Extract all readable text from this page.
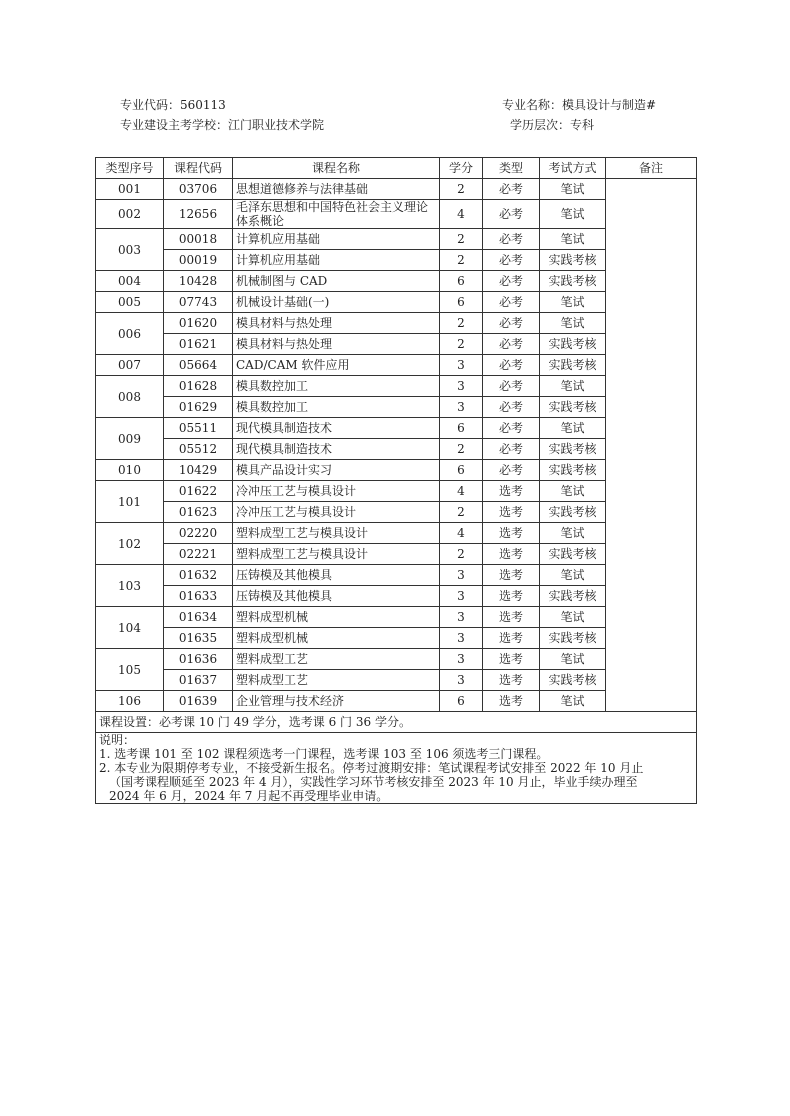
专业代码：560113	专业名称：模具设计与制造#
专业建设主考学校：江门职业技术学院	学历层次：专科
类型序号	课程代码	课程名称	学分	类型	考试方式	备注
001	03706	思想道德修养与法律基础	2	必考	笔试	
002	12656	毛泽东思想和中国特色社会主义理论体系概论	4	必考	笔试	
003	00018	计算机应用基础	2	必考	笔试	
	00019	计算机应用基础	2	必考	实践考核	
004	10428	机械制图与 CAD	6	必考	实践考核	
005	07743	机械设计基础(一)	6	必考	笔试	
006	01620	模具材料与热处理	2	必考	笔试	
	01621	模具材料与热处理	2	必考	实践考核	
007	05664	CAD/CAM 软件应用	3	必考	实践考核	
008	01628	模具数控加工	3	必考	笔试	
	01629	模具数控加工	3	必考	实践考核	
009	05511	现代模具制造技术	6	必考	笔试	
	05512	现代模具制造技术	2	必考	实践考核	
010	10429	模具产品设计实习	6	必考	实践考核	
101	01622	冷冲压工艺与模具设计	4	选考	笔试	
	01623	冷冲压工艺与模具设计	2	选考	实践考核	
102	02220	塑料成型工艺与模具设计	4	选考	笔试	
	02221	塑料成型工艺与模具设计	2	选考	实践考核	
103	01632	压铸模及其他模具	3	选考	笔试	
	01633	压铸模及其他模具	3	选考	实践考核	
104	01634	塑料成型机械	3	选考	笔试	
	01635	塑料成型机械	3	选考	实践考核	
105	01636	塑料成型工艺	3	选考	笔试	
	01637	塑料成型工艺	3	选考	实践考核	
106	01639	企业管理与技术经济	6	选考	笔试	
课程设置：必考课 10 门 49 学分，选考课 6 门 36 学分。						

说明：
1. 选考课 101 至 102 课程须选考一门课程，选考课 103 至 106 须选考三门课程。
2. 本专业为限期停考专业，不接受新生报名。停考过渡期安排：笔试课程考试安排至 2022 年 10 月止
（国考课程顺延至 2023 年 4 月），实践性学习环节考核安排至 2023 年 10 月止，毕业手续办理至
2024 年 6 月，2024 年 7 月起不再受理毕业申请。						
